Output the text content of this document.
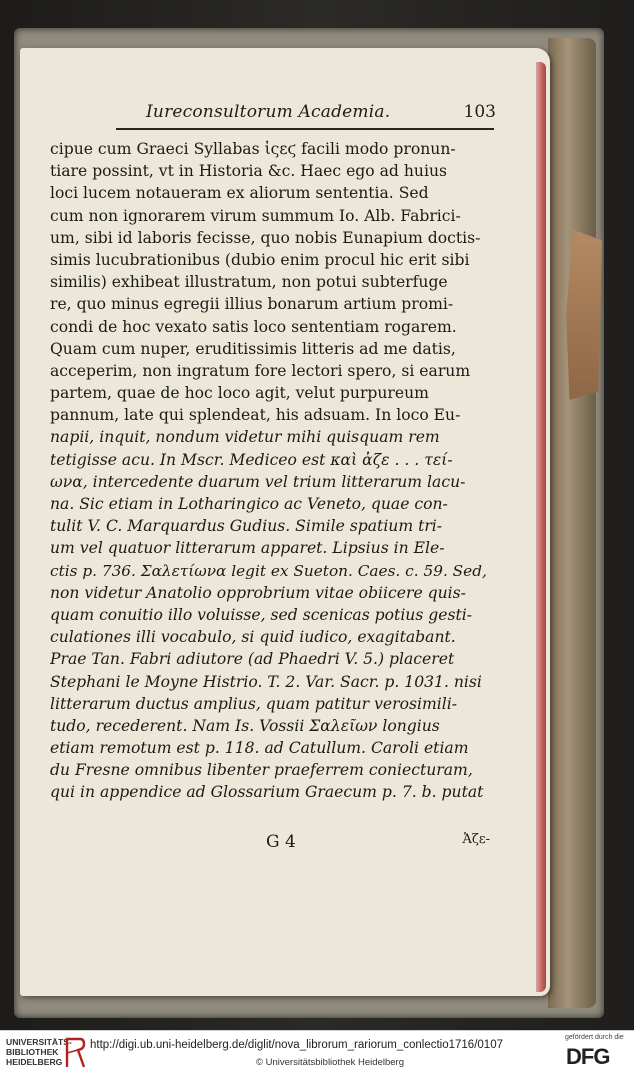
Iureconsultorum Academia.	103
cipue cum Graeci Syllabas ἱςεϛ facili modo pronun-
tiare possint, vt in Historia &c. Haec ego ad huius
loci lucem notaueram ex aliorum sententia. Sed
cum non ignorarem virum summum Io. Alb. Fabrici-
um, sibi id laboris fecisse, quo nobis Eunapium doctis-
simis lucubrationibus (dubio enim procul hic erit sibi
similis) exhibeat illustratum, non potui subterfuge
re, quo minus egregii illius bonarum artium promi-
condi de hoc vexato satis loco sententiam rogarem.
Quam cum nuper, eruditissimis litteris ad me datis,
acceperim, non ingratum fore lectori spero, si earum
partem, quae de hoc loco agit, velut purpureum
pannum, late qui splendeat, his adsuam. In loco Eu-
napii, inquit, nondum videtur mihi quisquam rem
tetigisse acu. In Mscr. Mediceo est καὶ ἀζε . . . τεί-
ωνα, intercedente duarum vel trium litterarum lacu-
na. Sic etiam in Lotharingico ac Veneto, quae con-
tulit V. C. Marquardus Gudius. Simile spatium tri-
um vel quatuor litterarum apparet. Lipsius in Ele-
ctis p. 736. Σαλετίωνα legit ex Sueton. Caes. c. 59. Sed,
non videtur Anatolio opprobrium vitae obiicere quis-
quam conuitio illo voluisse, sed scenicas potius gesti-
culationes illi vocabulo, si quid iudico, exagitabant.
Prae Tan. Fabri adiutore (ad Phaedri V. 5.) placeret
Stephani le Moyne Histrio. T. 2. Var. Sacr. p. 1031. nisi
litterarum ductus amplius, quam patitur verosimili-
tudo, recederent. Nam Is. Vossii Σαλεῖων longius
etiam remotum est p. 118. ad Catullum. Caroli etiam
du Fresne omnibus libenter praeferrem coniecturam,
qui in appendice ad Glossarium Graecum p. 7. b. putat
G 4	Ἀζε-
UNIVERSITÄTS-
BIBLIOTHEK
HEIDELBERG
http://digi.ub.uni-heidelberg.de/diglit/nova_librorum_rariorum_conlectio1716/0107
© Universitätsbibliothek Heidelberg
gefördert durch die
DFG
